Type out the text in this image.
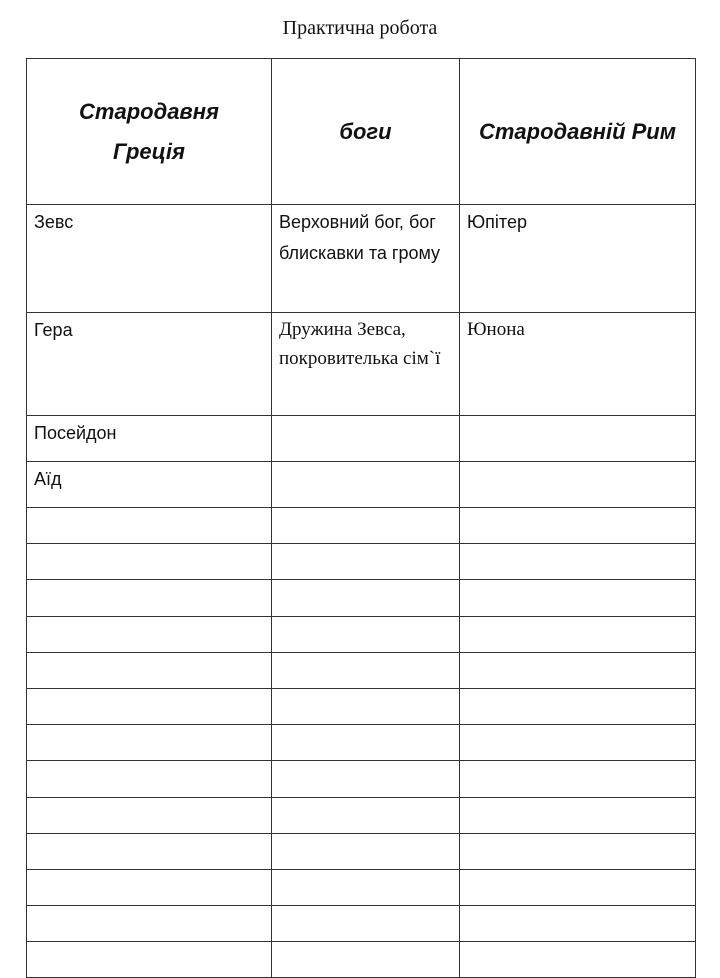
Практична робота
Стародавня Греція	боги	Стародавній Рим
Зевс	Верховний бог, бог блискавки та грому	Юпітер
Гера	Дружина Зевса, покровителька сім`ї	Юнона
Посейдон		
Аїд		
